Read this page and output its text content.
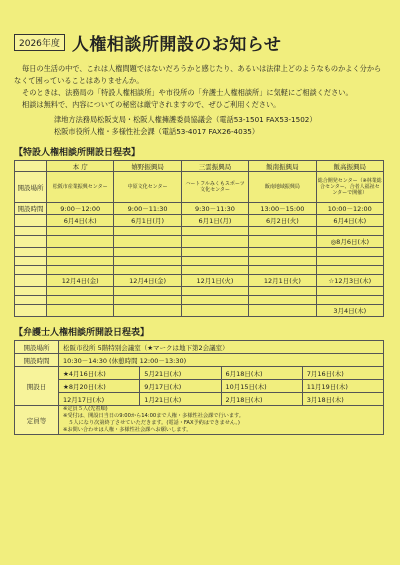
2026年度 人権相談所開設のお知らせ

毎日の生活の中で、これは人権問題ではないだろうかと感じたり、あるいは法律上どのようなものかよく分からなくて困っていることはありませんか。

そのときは、法務局の「特設人権相談所」や市役所の「弁護士人権相談所」に気軽にご相談ください。

相談は無料で、内容についての秘密は厳守されますので、ぜひご利用ください。

津地方法務局松阪支局・松阪人権擁護委員協議会（電話53-1501 FAX53-1502）
松阪市役所人権・多様性社会課（電話53-4017 FAX26-4035）
【特設人権相談所開設日程表】
	本 庁	嬉野振興局	三雲振興局	飯南振興局	飯高振興局
開設場所	松阪市産業振興センター	中原文化センター	ハートフルみくもスポーツ文化センター	飯南地域振興局	総合開発センター（※林業総合センター、合者人福祉センターで開催）
開設時間	9:00－12:00	9:00－11:30	9:30－11:30	13:00－15:00	10:00－12:00
	6月4日(木)	6月1日(月)	6月1日(月)	6月2日(火)	6月4日(木)

					◎8月6日(木)

	12月4日(金)	12月4日(金)	12月1日(火)	12月1日(火)	☆12月3日(木)

					3月4日(木)
【弁護士人権相談所開設日程表】
開設場所	松阪市役所 5階特別会議室（★マークは地下第2会議室）			
開設時間	10:30－14:30 (休憩時間 12:00－13:30)			
開設日	★4月16日(木)	5月21日(木)	6月18日(木)	7月16日(木)
	★8月20日(木)	9月17日(木)	10月15日(木)	11月19日(木)
	12月17日(木)	1月21日(木)	2月18日(木)	3月18日(木)
定員等	※定員５人(先着順)
※受付は、開設日当日の9:00から14:00まで人権・多様性社会課で行います。
　５人になり次第終了させていただきます。(電話・FAX予約はできません。)
※お問い合わせは人権・多様性社会課へお願いします。			
